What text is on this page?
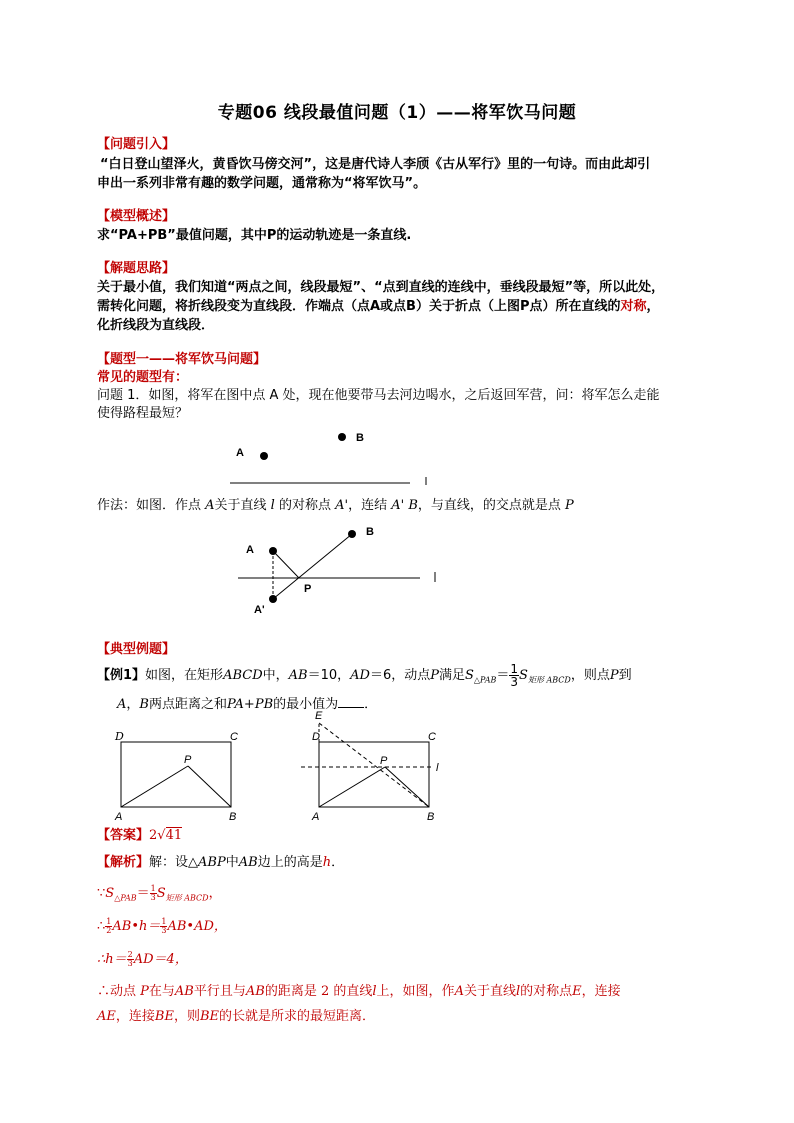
专题06 线段最值问题（1）——将军饮马问题
【问题引入】
“白日登山望泽火，黄昏饮马傍交河”，这是唐代诗人李颀《古从军行》里的一句诗。而由此却引
申出一系列非常有趣的数学问题，通常称为“将军饮马”。
【模型概述】
求“PA+PB”最值问题，其中P的运动轨迹是一条直线.
【解题思路】
关于最小值，我们知道“两点之间，线段最短”、“点到直线的连线中，垂线段最短”等，所以此处，
需转化问题，将折线段变为直线段．作端点（点A或点B）关于折点（上图P点）所在直线的对称，
化折线段为直线段．
【题型一——将军饮马问题】
常见的题型有：
问题 1．如图，将军在图中点 A 处，现在他要带马去河边喝水，之后返回军营，问：将军怎么走能
使得路程最短？
A
B
作法：如图．作点 A关于直线 l 的对称点 A'，连结 A' B，与直线，的交点就是点 P
A
B
P
A'
【典型例题】
【例1】如图，在矩形ABCD中，AB＝10，AD＝6，动点P满足$S_{\triangle PAB}= \frac{1}{3} S_{矩形 ABCD}$，则点P到
A，B两点距离之和PA+PB的最小值为 ．
D	C
P
A	B
E
D	C
P
l
A	B
【答案】2√41
【解析】解：设△ABP中AB边上的高是h．
$\because S_{\triangle PAB}= \frac{1}{3} S_{矩形 ABCD}$，
∴ $\frac{1}{2}$ AB•h＝ $\frac{1}{3}$ AB•AD，
∴h＝ $\frac{2}{3} AD=4$，
∴动点 P在与AB平行且与AB的距离是 2 的直线l上，如图，作A关于直线l的对称点E，连接
AE，连接BE，则BE的长就是所求的最短距离．
